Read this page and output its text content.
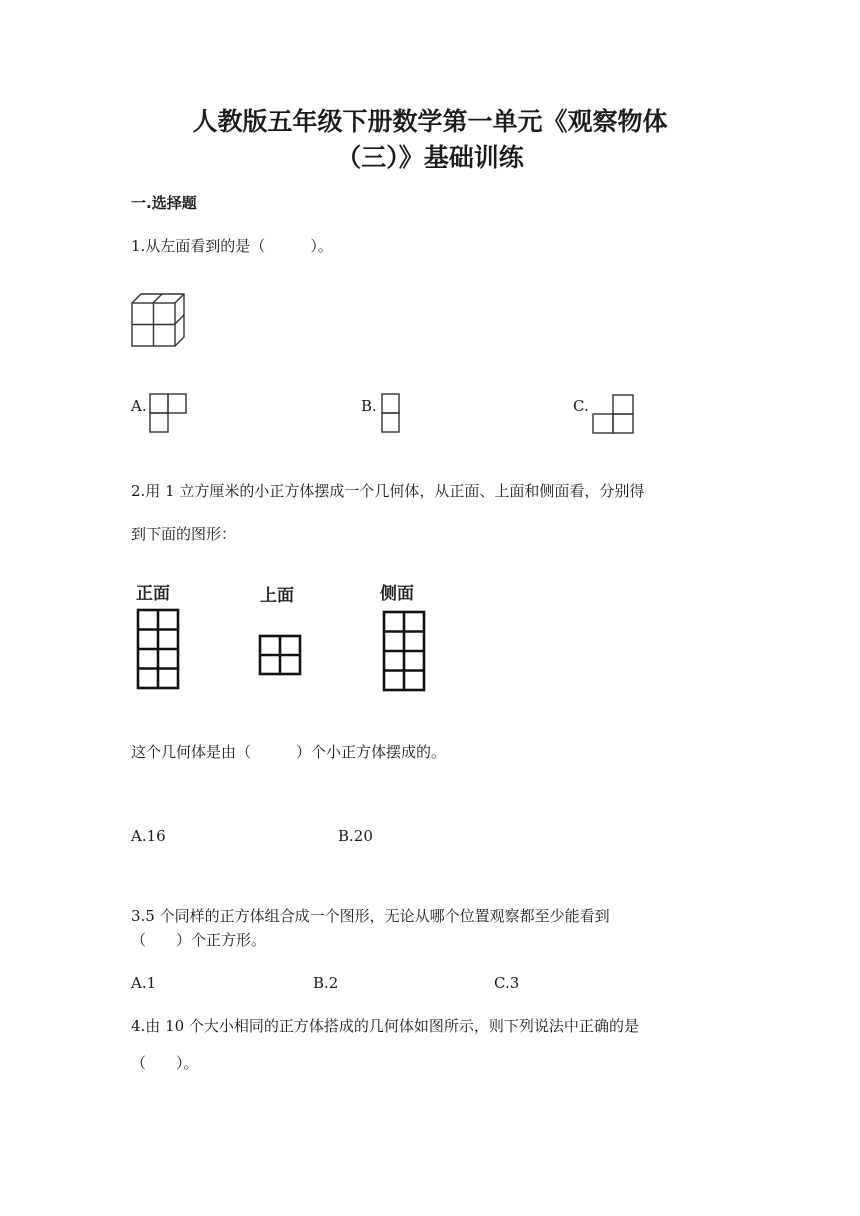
人教版五年级下册数学第一单元《观察物体
（三）》基础训练
一.选择题
1.从左面看到的是（　　　）。
A.	B.	C.
2.用 1 立方厘米的小正方体摆成一个几何体，从正面、上面和侧面看，分别得
到下面的图形：
正面	上面	侧面
这个几何体是由（　　　）个小正方体摆成的。
A.16	B.20
3.5 个同样的正方体组合成一个图形，无论从哪个位置观察都至少能看到
（　　）个正方形。
A.1	B.2	C.3
4.由 10 个大小相同的正方体搭成的几何体如图所示，则下列说法中正确的是
（　　）。
